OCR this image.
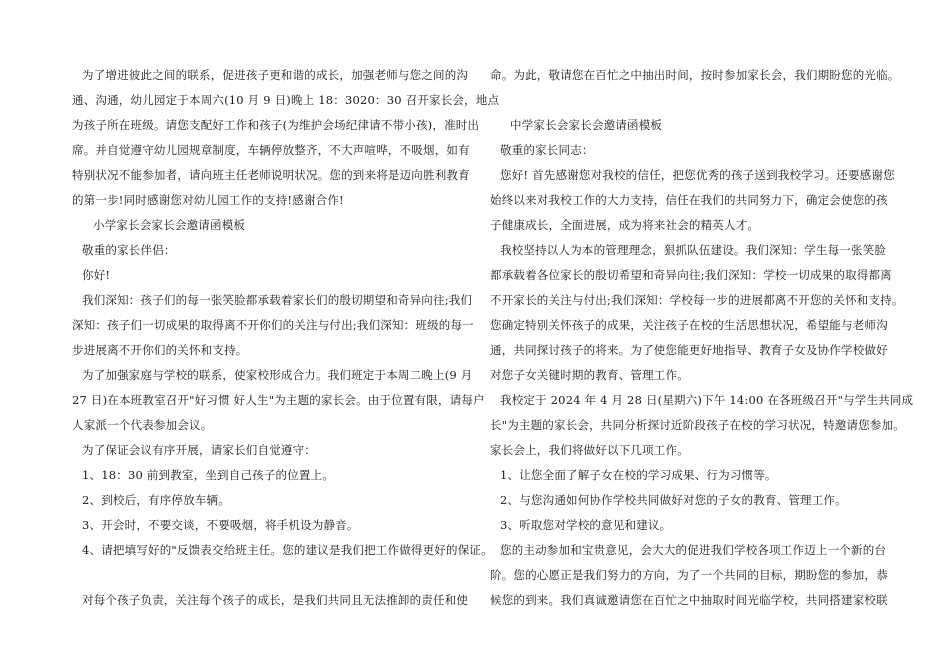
为了增进彼此之间的联系，促进孩子更和谐的成长，加强老师与您之间的沟
通、沟通，幼儿园定于本周六(10 月 9 日)晚上 18：3020：30 召开家长会，地点
为孩子所在班级。请您支配好工作和孩子(为维护会场纪律请不带小孩)，准时出
席。并自觉遵守幼儿园规章制度，车辆停放整齐，不大声喧哗，不吸烟，如有
特别状况不能参加者，请向班主任老师说明状况。您的到来将是迈向胜利教育
的第一步!同时感谢您对幼儿园工作的支持!感谢合作!
小学家长会家长会邀请函模板
敬重的家长伴侣：
你好!
我们深知：孩子们的每一张笑脸都承载着家长们的殷切期望和奇异向往;我们
深知：孩子们一切成果的取得离不开你们的关注与付出;我们深知：班级的每一
步进展离不开你们的关怀和支持。
为了加强家庭与学校的联系，使家校形成合力。我们班定于本周二晚上(9 月
27 日)在本班教室召开"好习惯 好人生"为主题的家长会。由于位置有限，请每户
人家派一个代表参加会议。
为了保证会议有序开展，请家长们自觉遵守：
1、18：30 前到教室，坐到自己孩子的位置上。
2、到校后，有序停放车辆。
3、开会时，不要交谈，不要吸烟，将手机设为静音。
4、请把填写好的"反馈表交给班主任。您的建议是我们把工作做得更好的保证。
对每个孩子负责，关注每个孩子的成长，是我们共同且无法推卸的责任和使
命。为此，敬请您在百忙之中抽出时间，按时参加家长会，我们期盼您的光临。
中学家长会家长会邀请函模板
敬重的家长同志：
您好! 首先感谢您对我校的信任，把您优秀的孩子送到我校学习。还要感谢您
始终以来对我校工作的大力支持，信任在我们的共同努力下，确定会使您的孩
子健康成长，全面进展，成为将来社会的精英人才。
我校坚持以人为本的管理理念，狠抓队伍建设。我们深知：学生每一张笑脸
都承载着各位家长的殷切希望和奇异向往;我们深知：学校一切成果的取得都离
不开家长的关注与付出;我们深知：学校每一步的进展都离不开您的关怀和支持。
您确定特别关怀孩子的成果，关注孩子在校的生活思想状况，希望能与老师沟
通，共同探讨孩子的将来。为了使您能更好地指导、教育子女及协作学校做好
对您子女关键时期的教育、管理工作。
我校定于 2024 年 4 月 28 日(星期六)下午 14:00 在各班级召开"与学生共同成
长"为主题的家长会，共同分析探讨近阶段孩子在校的学习状况，特邀请您参加。
家长会上，我们将做好以下几项工作。
1、让您全面了解子女在校的学习成果、行为习惯等。
2、与您沟通如何协作学校共同做好对您的子女的教育、管理工作。
3、听取您对学校的意见和建议。
您的主动参加和宝贵意见，会大大的促进我们学校各项工作迈上一个新的台
阶。您的心愿正是我们努力的方向，为了一个共同的目标，期盼您的参加，恭
候您的到来。我们真诚邀请您在百忙之中抽取时间光临学校，共同搭建家校联
